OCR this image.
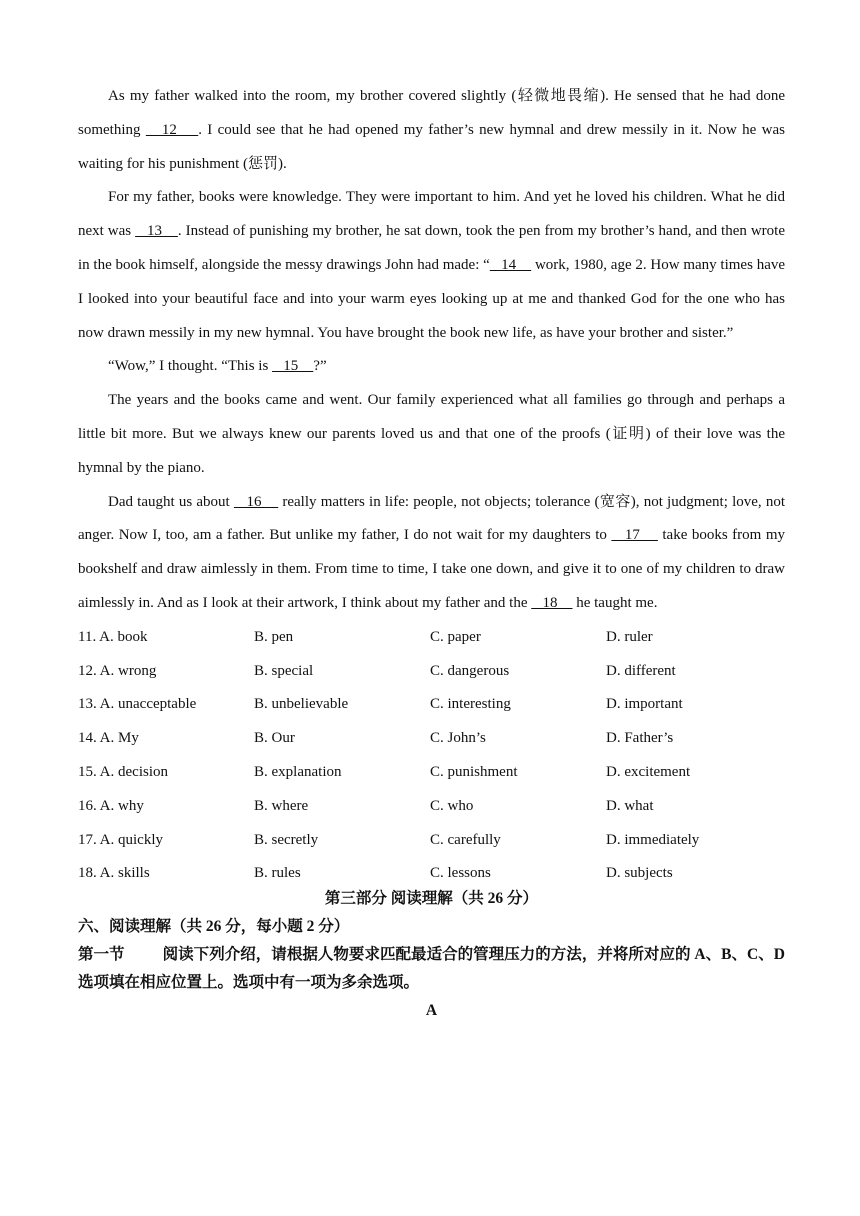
As my father walked into the room, my brother covered slightly (轻微地畏缩). He sensed that he had done something    12    . I could see that he had opened my father’s new hymnal and drew messily in it. Now he was waiting for his punishment (惩罚).

For my father, books were knowledge. They were important to him. And yet he loved his children. What he did next was    13    . Instead of punishing my brother, he sat down, took the pen from my brother’s hand, and then wrote in the book himself, alongside the messy drawings John had made: “   14     work, 1980, age 2. How many times have I looked into your beautiful face and into your warm eyes looking up at me and thanked God for the one who has now drawn messily in my new hymnal. You have brought the book new life, as have your brother and sister.”

“Wow,” I thought. “This is    15    ?”

The years and the books came and went. Our family experienced what all families go through and perhaps a little bit more. But we always knew our parents loved us and that one of the proofs (证明) of their love was the hymnal by the piano.

Dad taught us about    16     really matters in life: people, not objects; tolerance (宽容), not judgment; love, not anger. Now I, too, am a father. But unlike my father, I do not wait for my daughters to    17     take books from my bookshelf and draw aimlessly in them. From time to time, I take one down, and give it to one of my children to draw aimlessly in. And as I look at their artwork, I think about my father and the    18     he taught me.

11. A. book	B. pen	C. paper	D. ruler
12. A. wrong	B. special	C. dangerous	D. different
13. A. unacceptable	B. unbelievable	C. interesting	D. important
14. A. My	B. Our	C. John’s	D. Father’s
15. A. decision	B. explanation	C. punishment	D. excitement
16. A. why	B. where	C. who	D. what
17. A. quickly	B. secretly	C. carefully	D. immediately
18. A. skills	B. rules	C. lessons	D. subjects
第三部分 阅读理解（共 26 分）
六、阅读理解（共 26 分，每小题 2 分）
第一节 阅读下列介绍，请根据人物要求匹配最适合的管理压力的方法，并将所对应的 A、B、C、D 选项填在相应位置上。选项中有一项为多余选项。
A
